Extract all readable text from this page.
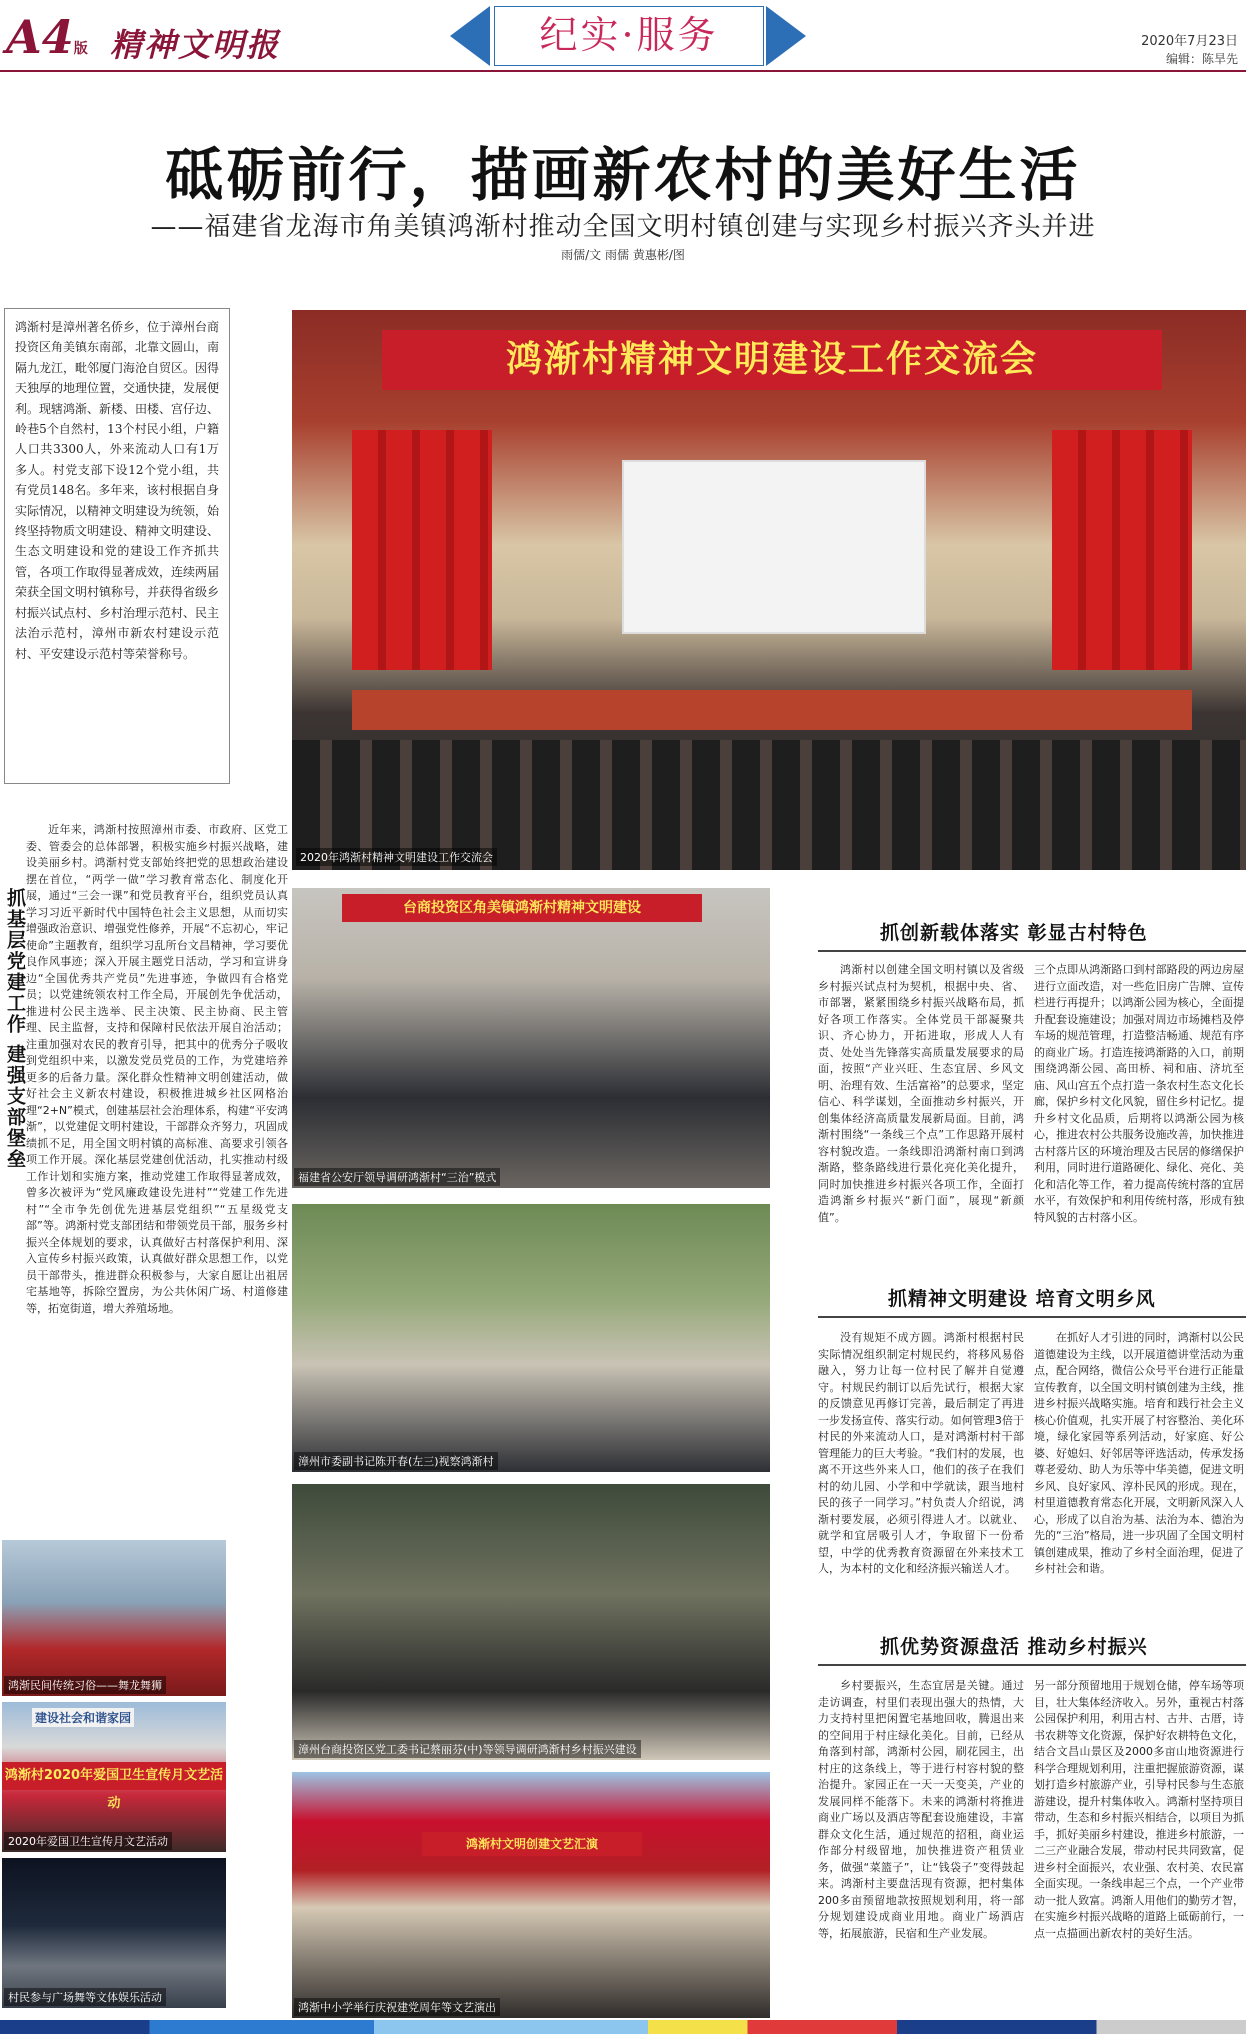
A4版 精神文明报	纪实·服务	2020年7月23日
编辑：陈旱先
砥砺前行，描画新农村的美好生活
——福建省龙海市角美镇鸿渐村推动全国文明村镇创建与实现乡村振兴齐头并进
雨儒/文 雨儒 黄惠彬/图
鸿渐村是漳州著名侨乡，位于漳州台商投资区角美镇东南部，北靠文圆山，南隔九龙江，毗邻厦门海沧自贸区。因得天独厚的地理位置，交通快捷，发展便利。现辖鸿渐、新楼、田楼、宫仔边、岭巷5个自然村，13个村民小组，户籍人口共3300人，外来流动人口有1万多人。村党支部下设12个党小组，共有党员148名。多年来，该村根据自身实际情况，以精神文明建设为统领，始终坚持物质文明建设、精神文明建设、生态文明建设和党的建设工作齐抓共管，各项工作取得显著成效，连续两届荣获全国文明村镇称号，并获得省级乡村振兴试点村、乡村治理示范村、民主法治示范村，漳州市新农村建设示范村、平安建设示范村等荣誉称号。
鸿渐村精神文明建设工作交流会
2020年鸿渐村精神文明建设工作交流会
抓基层党建工作 建强支部堡垒
近年来，鸿渐村按照漳州市委、市政府、区党工委、管委会的总体部署，积极实施乡村振兴战略，建设美丽乡村。鸿渐村党支部始终把党的思想政治建设摆在首位，“两学一做”学习教育常态化、制度化开展，通过“三会一课”和党员教育平台，组织党员认真学习习近平新时代中国特色社会主义思想，从而切实增强政治意识、增强党性修养，开展“不忘初心，牢记使命”主题教育，组织学习乱所台文昌精神，学习要优良作风事迹；深入开展主题党日活动，学习和宣讲身边“全国优秀共产党员”先进事迹，争做四有合格党员；以党建统领农村工作全局，开展创先争优活动，推进村公民主选举、民主决策、民主协商、民主管理、民主监督，支持和保障村民依法开展自治活动；注重加强对农民的教育引导，把其中的优秀分子吸收到党组织中来，以激发党员党员的工作，为党建培养更多的后备力量。深化群众性精神文明创建活动，做好社会主义新农村建设，积极推进城乡社区网格治理“2+N”模式，创建基层社会治理体系，构建“平安鸿渐”，以党建促文明村建设，干部群众齐努力，巩固成绩抓不足，用全国文明村镇的高标准、高要求引领各项工作开展。深化基层党建创优活动，扎实推动村级工作计划和实施方案，推动党建工作取得显著成效，曾多次被评为“党风廉政建设先进村”“党建工作先进村”“全市争先创优先进基层党组织”“五星级党支部”等。鸿渐村党支部团结和带领党员干部，服务乡村振兴全体规划的要求，认真做好古村落保护利用、深入宣传乡村振兴政策，认真做好群众思想工作，以党员干部带头，推进群众积极参与，大家自愿让出祖居宅基地等，拆除空置房，为公共休闲广场、村道修建等，拓宽街道，增大养殖场地。
鸿渐民间传统习俗——舞龙舞狮
建设社会和谐家园
鸿渐村2020年爱国卫生宣传月文艺活动
2020年爱国卫生宣传月文艺活动
村民参与广场舞等文体娱乐活动
台商投资区角美镇鸿渐村精神文明建设
福建省公安厅领导调研鸿渐村“三治”模式
漳州市委副书记陈开春(左三)视察鸿渐村
漳州台商投资区党工委书记蔡丽芬(中)等领导调研鸿渐村乡村振兴建设
鸿渐村文明创建文艺汇演
鸿渐中小学举行庆祝建党周年等文艺演出
抓创新载体落实 彰显古村特色
鸿渐村以创建全国文明村镇以及省级乡村振兴试点村为契机，根据中央、省、市部署，紧紧围绕乡村振兴战略布局，抓好各项工作落实。全体党员干部凝聚共识、齐心协力，开拓进取，形成人人有责、处处当先锋落实高质量发展要求的局面，按照“产业兴旺、生态宜居、乡风文明、治理有效、生活富裕”的总要求，坚定信心、科学谋划，全面推动乡村振兴，开创集体经济高质量发展新局面。目前，鸿渐村围绕“一条线三个点”工作思路开展村容村貌改造。一条线即沿鸿渐村南口到鸿渐路，整条路线进行景化亮化美化提升，同时加快推进乡村振兴各项工作，全面打造鸿渐乡村振兴“新门面”，展现“新颜值”。
三个点即从鸿渐路口到村部路段的两边房屋进行立面改造，对一些危旧房广告牌、宣传栏进行再提升；以鸿渐公园为核心，全面提升配套设施建设；加强对周边市场摊档及停车场的规范管理，打造整洁畅通、规范有序的商业广场。打造连接鸿渐路的入口，前期围绕鸿渐公园、高田桥、祠和庙、济坑至庙、风山宫五个点打造一条农村生态文化长廊，保护乡村文化风貌，留住乡村记忆。提升乡村文化品质，后期将以鸿渐公园为核心，推进农村公共服务设施改善，加快推进古村落片区的环境治理及古民居的修缮保护利用，同时进行道路硬化、绿化、亮化、美化和洁化等工作，着力提高传统村落的宜居水平，有效保护和利用传统村落，形成有独特风貌的古村落小区。
抓精神文明建设 培育文明乡风
没有规矩不成方圆。鸿渐村根据村民实际情况组织制定村规民约，将移风易俗融入，努力让每一位村民了解并自觉遵守。村规民约制订以后先试行，根据大家的反馈意见再修订完善，最后制定了再进一步发扬宣传、落实行动。如何管理3倍于村民的外来流动人口，是对鸿渐村村干部管理能力的巨大考验。“我们村的发展，也离不开这些外来人口，他们的孩子在我们村的幼儿园、小学和中学就读，跟当地村民的孩子一同学习。”村负责人介绍说，鸿渐村要发展，必须引得进人才。以就业、就学和宜居吸引人才，争取留下一份希望，中学的优秀教育资源留在外来技术工人，为本村的文化和经济振兴输送人才。
在抓好人才引进的同时，鸿渐村以公民道德建设为主线，以开展道德讲堂活动为重点，配合网络，微信公众号平台进行正能量宣传教育，以全国文明村镇创建为主线，推进乡村振兴战略实施。培育和践行社会主义核心价值观，扎实开展了村容整治、美化环境，绿化家园等系列活动，好家庭、好公婆、好媳妇、好邻居等评选活动，传承发扬尊老爱幼、助人为乐等中华美德，促进文明乡风、良好家风、淳朴民风的形成。现在，村里道德教育常态化开展，文明新风深入人心，形成了以自治为基、法治为本、德治为先的“三治”格局，进一步巩固了全国文明村镇创建成果，推动了乡村全面治理，促进了乡村社会和谐。
抓优势资源盘活 推动乡村振兴
乡村要振兴，生态宜居是关键。通过走访调查，村里们表现出强大的热情，大力支持村里把闲置宅基地回收，腾退出来的空间用于村庄绿化美化。目前，已经从角落到村部，鸿渐村公园，刷花园主，出村庄的这条线上，等于进行村容村貌的整治提升。家园正在一天一天变美，产业的发展同样不能落下。未来的鸿渐村将推进商业广场以及酒店等配套设施建设，丰富群众文化生活，通过规范的招租，商业运作部分村级留地，加快推进资产租赁业务，做强“菜篮子”，让“钱袋子”变得鼓起来。鸿渐村主要盘活现有资源，把村集体200多亩预留地款按照规划利用，将一部分规划建设成商业用地。商业广场酒店等，拓展旅游，民宿和生产业发展。
另一部分预留地用于规划仓储，停车场等项目，壮大集体经济收入。另外，重视古村落公园保护利用，利用古村、古井、古厝，诗书农耕等文化资源，保护好农耕特色文化，结合文昌山景区及2000多亩山地资源进行科学合理规划利用，注重把握旅游资源，谋划打造乡村旅游产业，引导村民参与生态旅游建设，提升村集体收入。鸿渐村坚持项目带动，生态和乡村振兴相结合，以项目为抓手，抓好美丽乡村建设，推进乡村旅游，一二三产业融合发展，带动村民共同致富，促进乡村全面振兴，农业强、农村美、农民富全面实现。一条线串起三个点，一个产业带动一批人致富。鸿渐人用他们的勤劳才智，在实施乡村振兴战略的道路上砥砺前行，一点一点描画出新农村的美好生活。
